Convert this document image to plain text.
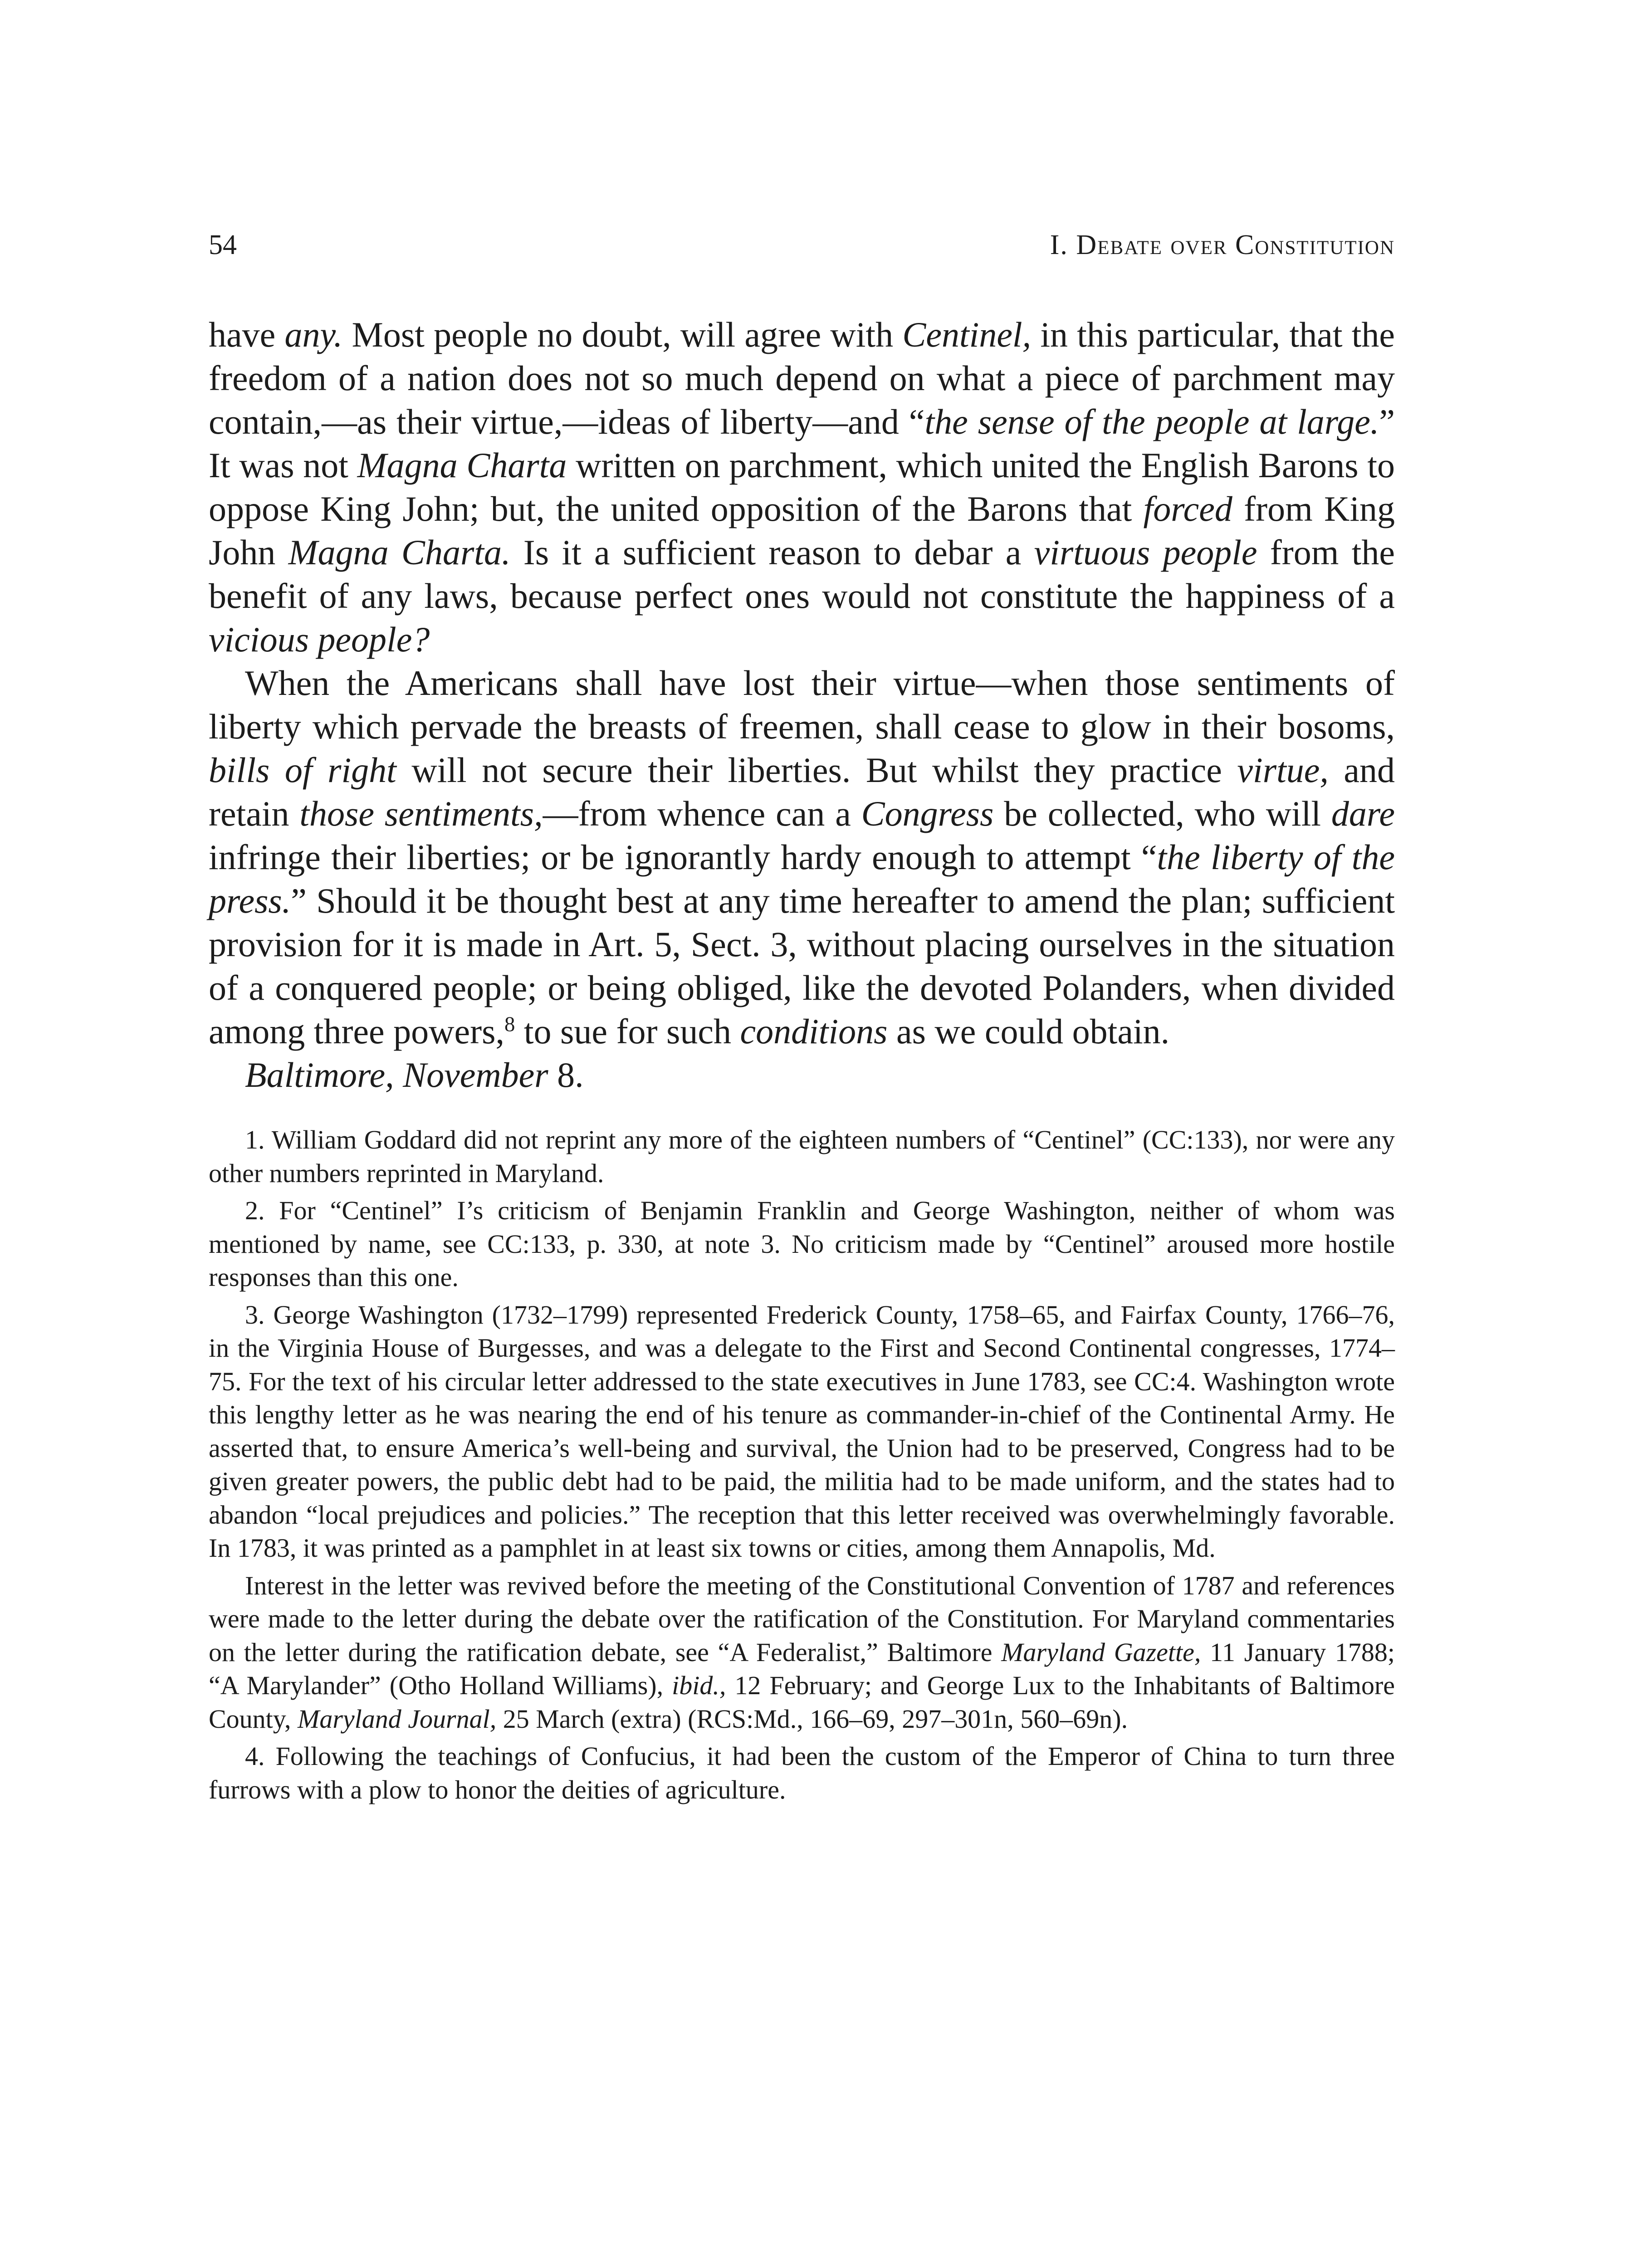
54	I. Debate over Constitution

have any. Most people no doubt, will agree with Centinel, in this particular, that the freedom of a nation does not so much depend on what a piece of parchment may contain,—as their virtue,—ideas of liberty—and “the sense of the people at large.” It was not Magna Charta written on parchment, which united the English Barons to oppose King John; but, the united opposition of the Barons that forced from King John Magna Charta. Is it a sufficient reason to debar a virtuous people from the benefit of any laws, because perfect ones would not constitute the happiness of a vicious people?

When the Americans shall have lost their virtue—when those sentiments of liberty which pervade the breasts of freemen, shall cease to glow in their bosoms, bills of right will not secure their liberties. But whilst they practice virtue, and retain those sentiments,—from whence can a Congress be collected, who will dare infringe their liberties; or be ignorantly hardy enough to attempt “the liberty of the press.” Should it be thought best at any time hereafter to amend the plan; sufficient provision for it is made in Art. 5, Sect. 3, without placing ourselves in the situation of a conquered people; or being obliged, like the devoted Polanders, when divided among three powers,$^8$ to sue for such conditions as we could obtain.

Baltimore, November 8.

1. William Goddard did not reprint any more of the eighteen numbers of “Centinel” (CC:133), nor were any other numbers reprinted in Maryland.

2. For “Centinel” I’s criticism of Benjamin Franklin and George Washington, neither of whom was mentioned by name, see CC:133, p. 330, at note 3. No criticism made by “Centinel” aroused more hostile responses than this one.

3. George Washington (1732–1799) represented Frederick County, 1758–65, and Fairfax County, 1766–76, in the Virginia House of Burgesses, and was a delegate to the First and Second Continental congresses, 1774–75. For the text of his circular letter addressed to the state executives in June 1783, see CC:4. Washington wrote this lengthy letter as he was nearing the end of his tenure as commander-in-chief of the Continental Army. He asserted that, to ensure America’s well-being and survival, the Union had to be preserved, Congress had to be given greater powers, the public debt had to be paid, the militia had to be made uniform, and the states had to abandon “local prejudices and policies.” The reception that this letter received was overwhelmingly favorable. In 1783, it was printed as a pamphlet in at least six towns or cities, among them Annapolis, Md.

Interest in the letter was revived before the meeting of the Constitutional Convention of 1787 and references were made to the letter during the debate over the ratification of the Constitution. For Maryland commentaries on the letter during the ratification debate, see “A Federalist,” Baltimore Maryland Gazette, 11 January 1788; “A Marylander” (Otho Holland Williams), ibid., 12 February; and George Lux to the Inhabitants of Baltimore County, Maryland Journal, 25 March (extra) (RCS:Md., 166–69, 297–301n, 560–69n).

4. Following the teachings of Confucius, it had been the custom of the Emperor of China to turn three furrows with a plow to honor the deities of agriculture.
